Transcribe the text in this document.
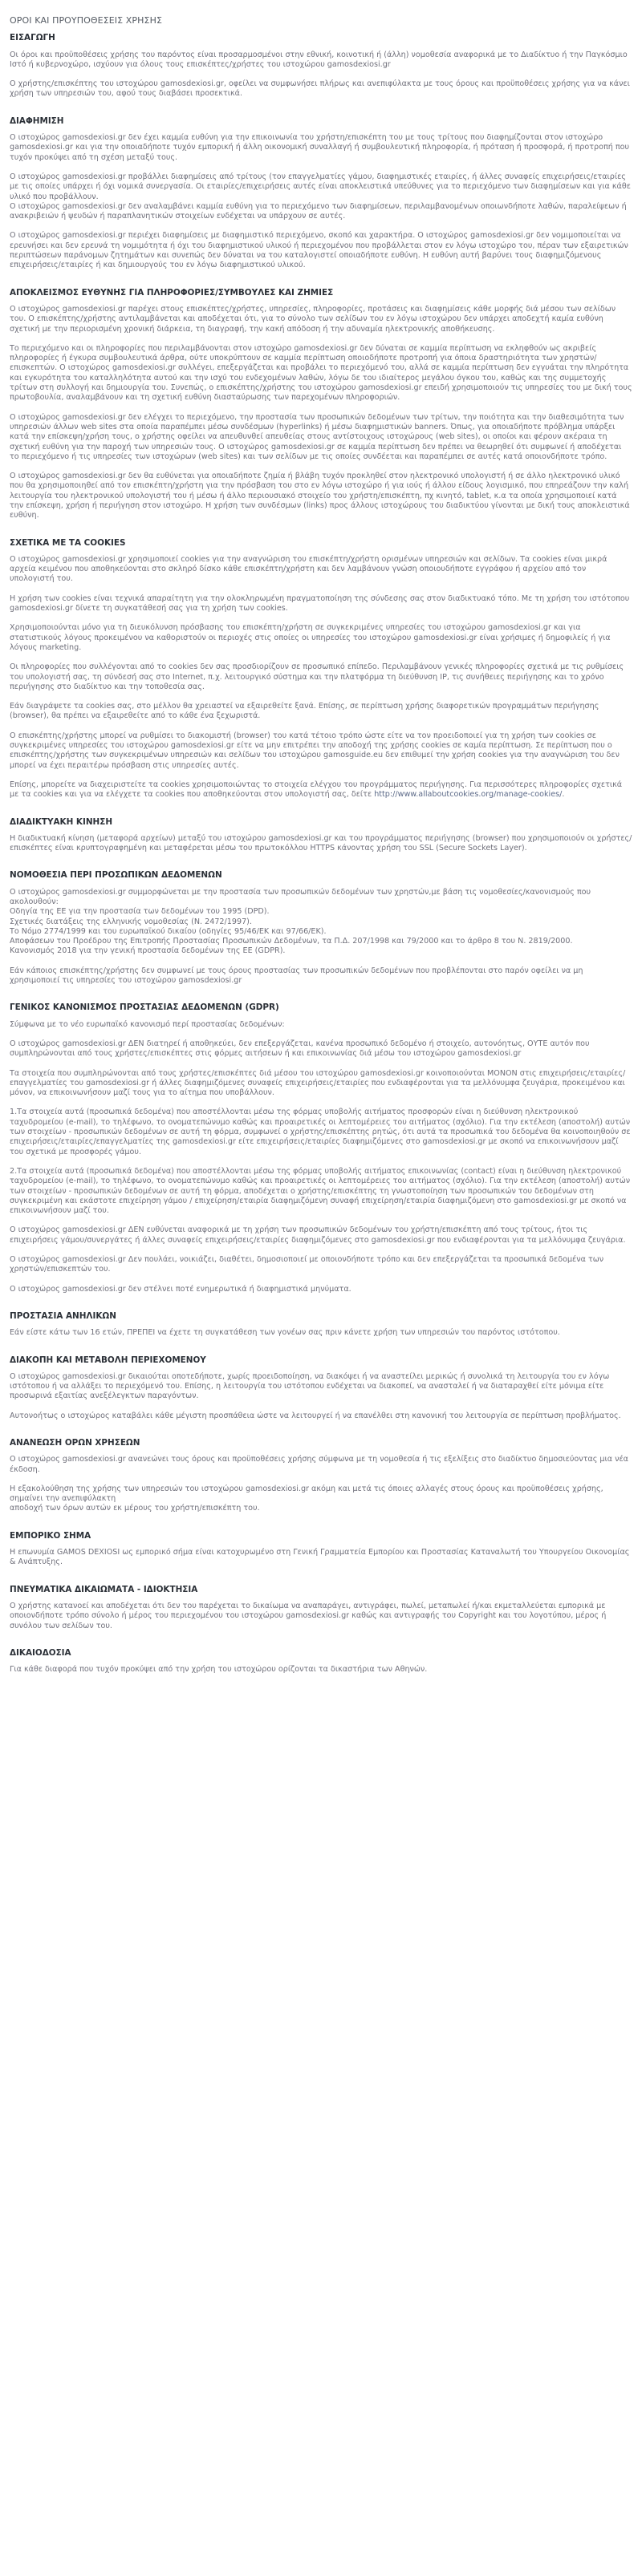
ΟΡΟΙ ΚΑΙ ΠΡΟΥΠΟΘΕΣΕΙΣ ΧΡΗΣΗΣ
ΕΙΣΑΓΩΓΗ

Οι όροι και προϋποθέσεις χρήσης του παρόντος είναι προσαρμοσμένοι στην εθνική, κοινοτική ή (άλλη) νομοθεσία αναφορικά με το Διαδίκτυο ή την Παγκόσμιο Ιστό ή κυβερνοχώρο, ισχύουν για όλους τους επισκέπτες/χρήστες του ιστοχώρου gamosdexiosi.gr

Ο χρήστης/επισκέπτης του ιστοχώρου gamosdexiosi.gr, οφείλει να συμφωνήσει πλήρως και ανεπιφύλακτα με τους όρους και προϋποθέσεις χρήσης για να κάνει χρήση των υπηρεσιών του, αφού τους διαβάσει προσεκτικά.

ΔΙΑΦΗΜΙΣΗ

Ο ιστοχώρος gamosdexiosi.gr δεν έχει καμμία ευθύνη για την επικοινωνία του χρήστη/επισκέπτη του με τους τρίτους που διαφημίζονται στον ιστοχώρο gamosdexiosi.gr και για την οποιαδήποτε τυχόν εμπορική ή άλλη οικονομική συναλλαγή ή συμβουλευτική πληροφορία, ή πρόταση ή προσφορά, ή προτροπή που τυχόν προκύψει από τη σχέση μεταξύ τους.

Ο ιστοχώρος gamosdexiosi.gr προβάλλει διαφημίσεις από τρίτους (τον επαγγελματίες γάμου, διαφημιστικές εταιρίες, ή άλλες συναφείς επιχειρήσεις/εταιρίες με τις οποίες υπάρχει ή όχι νομικά συνεργασία. Οι εταιρίες/επιχειρήσεις αυτές είναι αποκλειστικά υπεύθυνες για το περιεχόμενο των διαφημίσεων και για κάθε υλικό που προβάλλουν.
Ο ιστοχώρος gamosdexiosi.gr δεν αναλαμβάνει καμμία ευθύνη για το περιεχόμενο των διαφημίσεων, περιλαμβανομένων οποιωνδήποτε λαθών, παραλείψεων ή ανακριβειών ή ψευδών ή παραπλανητικών στοιχείων ενδέχεται να υπάρχουν σε αυτές.

Ο ιστοχώρος gamosdexiosi.gr περιέχει διαφημίσεις με διαφημιστικό περιεχόμενο, σκοπό και χαρακτήρα. Ο ιστοχώρος gamosdexiosi.gr δεν νομιμοποιείται να ερευνήσει και δεν ερευνά τη νομιμότητα ή όχι του διαφημιστικού υλικού ή περιεχομένου που προβάλλεται στον εν λόγω ιστοχώρο του, πέραν των εξαιρετικών περιπτώσεων παράνομων ζητημάτων και συνεπώς δεν δύναται να του καταλογιστεί οποιαδήποτε ευθύνη. Η ευθύνη αυτή βαρύνει τους διαφημιζόμενους επιχειρήσεις/εταιρίες ή και δημιουργούς του εν λόγω διαφημιστικού υλικού.

ΑΠΟΚΛΕΙΣΜΟΣ ΕΥΘΥΝΗΣ ΓΙΑ ΠΛΗΡΟΦΟΡΙΕΣ/ΣΥΜΒΟΥΛΕΣ ΚΑΙ ΖΗΜΙΕΣ

Ο ιστοχώρος gamosdexiosi.gr παρέχει στους επισκέπτες/χρήστες, υπηρεσίες, πληροφορίες, προτάσεις και διαφημίσεις κάθε μορφής διά μέσου των σελίδων του. Ο επισκέπτης/χρήστης αντιλαμβάνεται και αποδέχεται ότι, για το σύνολο των σελίδων του εν λόγω ιστοχώρου δεν υπάρχει αποδεχτή καμία ευθύνη σχετική με την περιορισμένη χρονική διάρκεια, τη διαγραφή, την κακή απόδοση ή την αδυναμία ηλεκτρονικής αποθήκευσης.

Το περιεχόμενο και οι πληροφορίες που περιλαμβάνονται στον ιστοχώρο gamosdexiosi.gr δεν δύναται σε καμμία περίπτωση να εκληφθούν ως ακριβείς πληροφορίες ή έγκυρα συμβουλευτικά άρθρα, ούτε υποκρύπτουν σε καμμία περίπτωση οποιοδήποτε προτροπή για όποια δραστηριότητα των χρηστών/επισκεπτών. Ο ιστοχώρος gamosdexiosi.gr συλλέγει, επεξεργάζεται και προβάλει το περιεχόμενό του, αλλά σε καμμία περίπτωση δεν εγγυάται την πληρότητα και εγκυρότητα του καταλληλότητα αυτού και την ισχύ του ενδεχομένων λαθών, λόγω δε του ιδιαίτερος μεγάλου όγκου του, καθώς και της συμμετοχής τρίτων στη συλλογή και δημιουργία του. Συνεπώς, ο επισκέπτης/χρήστης του ιστοχώρου gamosdexiosi.gr επειδή χρησιμοποιούν τις υπηρεσίες του με δική τους πρωτοβουλία, αναλαμβάνουν και τη σχετική ευθύνη διασταύρωσης των παρεχομένων πληροφοριών.

Ο ιστοχώρος gamosdexiosi.gr δεν ελέγχει το περιεχόμενο, την προστασία των προσωπικών δεδομένων των τρίτων, την ποιότητα και την διαθεσιμότητα των υπηρεσιών άλλων web sites στα οποία παραπέμπει μέσω συνδέσμων (hyperlinks) ή μέσω διαφημιστικών banners. Όπως, για οποιαδήποτε πρόβλημα υπάρξει κατά την επίσκεψη/χρήση τους, ο χρήστης οφείλει να απευθυνθεί απευθείας στους αντίστοιχους ιστοχώρους (web sites), οι οποίοι και φέρουν ακέραια τη σχετική ευθύνη για την παροχή των υπηρεσιών τους. Ο ιστοχώρος gamosdexiosi.gr σε καμμία περίπτωση δεν πρέπει να θεωρηθεί ότι συμφωνεί ή αποδέχεται το περιεχόμενο ή τις υπηρεσίες των ιστοχώρων (web sites) και των σελίδων με τις οποίες συνδέεται και παραπέμπει σε αυτές κατά οποιονδήποτε τρόπο.

Ο ιστοχώρος gamosdexiosi.gr δεν θα ευθύνεται για οποιαδήποτε ζημία ή βλάβη τυχόν προκληθεί στον ηλεκτρονικό υπολογιστή ή σε άλλο ηλεκτρονικό υλικό που θα χρησιμοποιηθεί από τον επισκέπτη/χρήστη για την πρόσβαση του στο εν λόγω ιστοχώρο ή για ιούς ή άλλου είδους λογισμικό, που επηρεάζουν την καλή λειτουργία του ηλεκτρονικού υπολογιστή του ή μέσω ή άλλο περιουσιακό στοιχείο του χρήστη/επισκέπτη, πχ κινητό, tablet, κ.α τα οποία χρησιμοποιεί κατά την επίσκεψη, χρήση ή περιήγηση στον ιστοχώρο. Η χρήση των συνδέσμων (links) προς άλλους ιστοχώρους του διαδικτύου γίνονται με δική τους αποκλειστικά ευθύνη.

ΣΧΕΤΙΚΑ ΜΕ ΤΑ COOKIES

Ο ιστοχώρος gamosdexiosi.gr χρησιμοποιεί cookies για την αναγνώριση του επισκέπτη/χρήστη ορισμένων υπηρεσιών και σελίδων. Τα cookies είναι μικρά αρχεία κειμένου που αποθηκεύονται στο σκληρό δίσκο κάθε επισκέπτη/χρήστη και δεν λαμβάνουν γνώση οποιουδήποτε εγγράφου ή αρχείου από τον υπολογιστή του.

Η χρήση των cookies είναι τεχνικά απαραίτητη για την ολοκληρωμένη πραγματοποίηση της σύνδεσης σας στον διαδικτυακό τόπο. Με τη χρήση του ιστότοπου gamosdexiosi.gr δίνετε τη συγκατάθεσή σας για τη χρήση των cookies.

Χρησιμοποιούνται μόνο για τη διευκόλυνση πρόσβασης του επισκέπτη/χρήστη σε συγκεκριμένες υπηρεσίες του ιστοχώρου gamosdexiosi.gr και για στατιστικούς λόγους προκειμένου να καθοριστούν οι περιοχές στις οποίες οι υπηρεσίες του ιστοχώρου gamosdexiosi.gr είναι χρήσιμες ή δημοφιλείς ή για λόγους marketing.

Οι πληροφορίες που συλλέγονται από το cookies δεν σας προσδιορίζουν σε προσωπικό επίπεδο. Περιλαμβάνουν γενικές πληροφορίες σχετικά με τις ρυθμίσεις του υπολογιστή σας, τη σύνδεσή σας στο Internet, π.χ. λειτουργικό σύστημα και την πλατφόρμα τη διεύθυνση IP, τις συνήθειες περιήγησης και το χρόνο περιήγησης στο διαδίκτυο και την τοποθεσία σας.

Εάν διαγράψετε τα cookies σας, στο μέλλον θα χρειαστεί να εξαιρεθείτε ξανά. Επίσης, σε περίπτωση χρήσης διαφορετικών προγραμμάτων περιήγησης (browser), θα πρέπει να εξαιρεθείτε από το κάθε ένα ξεχωριστά.

Ο επισκέπτης/χρήστης μπορεί να ρυθμίσει το διακομιστή (browser) του κατά τέτοιο τρόπο ώστε είτε να τον προειδοποιεί για τη χρήση των cookies σε συγκεκριμένες υπηρεσίες του ιστοχώρου gamosdexiosi.gr είτε να μην επιτρέπει την αποδοχή της χρήσης cookies σε καμία περίπτωση. Σε περίπτωση που ο επισκέπτης/χρήστης των συγκεκριμένων υπηρεσιών και σελίδων του ιστοχώρου gamosguide.eu δεν επιθυμεί την χρήση cookies για την αναγνώριση του δεν μπορεί να έχει περαιτέρω πρόσβαση στις υπηρεσίες αυτές.

Επίσης, μπορείτε να διαχειριστείτε τα cookies χρησιμοποιώντας το στοιχεία ελέγχου του προγράμματος περιήγησης. Για περισσότερες πληροφορίες σχετικά με τα cookies και για να ελέγχετε τα cookies που αποθηκεύονται στον υπολογιστή σας, δείτε http://www.allaboutcookies.org/manage-cookies/.

ΔΙΑΔΙΚΤΥΑΚΗ ΚΙΝΗΣΗ

Η διαδικτυακή κίνηση (μεταφορά αρχείων) μεταξύ του ιστοχώρου gamosdexiosi.gr και του προγράμματος περιήγησης (browser) που χρησιμοποιούν οι χρήστες/επισκέπτες είναι κρυπτογραφημένη και μεταφέρεται μέσω του πρωτοκόλλου HTTPS κάνοντας χρήση του SSL (Secure Sockets Layer).

ΝΟΜΟΘΕΣΙΑ ΠΕΡΙ ΠΡΟΣΩΠΙΚΩΝ ΔΕΔΟΜΕΝΩΝ

Ο ιστοχώρος gamosdexiosi.gr συμμορφώνεται με την προστασία των προσωπικών δεδομένων των χρηστών,με βάση τις νομοθεσίες/κανονισμούς που ακολουθούν:
Οδηγία της ΕΕ για την προστασία των δεδομένων του 1995 (DPD).
Σχετικές διατάξεις της ελληνικής νομοθεσίας (Ν. 2472/1997).
Το Νόμο 2774/1999 και του ευρωπαϊκού δικαίου (οδηγίες 95/46/ΕΚ και 97/66/ΕΚ).
Αποφάσεων του Προέδρου της Επιτροπής Προστασίας Προσωπικών Δεδομένων, τα Π.Δ. 207/1998 και 79/2000 και το άρθρο 8 του Ν. 2819/2000.
Κανονισμός 2018 για την γενική προστασία δεδομένων της ΕΕ (GDPR).

Εάν κάποιος επισκέπτης/χρήστης δεν συμφωνεί με τους όρους προστασίας των προσωπικών δεδομένων που προβλέπονται στο παρόν οφείλει να μη χρησιμοποιεί τις υπηρεσίες του ιστοχώρου gamosdexiosi.gr

ΓΕΝΙΚΟΣ ΚΑΝΟΝΙΣΜΟΣ ΠΡΟΣΤΑΣΙΑΣ ΔΕΔΟΜΕΝΩΝ (GDPR)

Σύμφωνα με το νέο ευρωπαϊκό κανονισμό περί προστασίας δεδομένων:

Ο ιστοχώρος gamosdexiosi.gr ΔΕΝ διατηρεί ή αποθηκεύει, δεν επεξεργάζεται, κανένα προσωπικό δεδομένο ή στοιχείο, αυτονόητως, ΟΥΤΕ αυτόν που συμπληρώνονται από τους χρήστες/επισκέπτες στις φόρμες αιτήσεων ή και επικοινωνίας διά μέσω του ιστοχώρου gamosdexiosi.gr

Τα στοιχεία που συμπληρώνονται από τους χρήστες/επισκέπτες διά μέσου του ιστοχώρου gamosdexiosi.gr κοινοποιούνται ΜΟΝΟΝ στις επιχειρήσεις/εταιρίες/επαγγελματίες του gamosdexiosi.gr ή άλλες διαφημιζόμενες συναφείς επιχειρήσεις/εταιρίες που ενδιαφέρονται για τα μελλόνυμφα ζευγάρια, προκειμένου και μόνον, να επικοινωνήσουν μαζί τους για το αίτημα που υποβάλλουν.

1.Τα στοιχεία αυτά (προσωπικά δεδομένα) που αποστέλλονται μέσω της φόρμας υποβολής αιτήματος προσφορών είναι η διεύθυνση ηλεκτρονικού ταχυδρομείου (e-mail), το τηλέφωνο, το ονοματεπώνυμο καθώς και προαιρετικές οι λεπτομέρειες του αιτήματος (σχόλιο). Για την εκτέλεση (αποστολή) αυτών των στοιχείων - προσωπικών δεδομένων σε αυτή τη φόρμα, συμφωνεί ο χρήστης/επισκέπτης ρητώς, ότι αυτά τα προσωπικά του δεδομένα θα κοινοποιηθούν σε επιχειρήσεις/εταιρίες/επαγγελματίες της gamosdexiosi.gr είτε επιχειρήσεις/εταιρίες διαφημιζόμενες στο gamosdexiosi.gr με σκοπό να επικοινωνήσουν μαζί του σχετικά με προσφορές γάμου.

2.Τα στοιχεία αυτά (προσωπικά δεδομένα) που αποστέλλονται μέσω της φόρμας υποβολής αιτήματος επικοινωνίας (contact) είναι η διεύθυνση ηλεκτρονικού ταχυδρομείου (e-mail), το τηλέφωνο, το ονοματεπώνυμο καθώς και προαιρετικές οι λεπτομέρειες του αιτήματος (σχόλιο). Για την εκτέλεση (αποστολή) αυτών των στοιχείων - προσωπικών δεδομένων σε αυτή τη φόρμα, αποδέχεται ο χρήστης/επισκέπτης τη γνωστοποίηση των προσωπικών του δεδομένων στη συγκεκριμένη και εκάστοτε επιχείρηση γάμου / επιχείρηση/εταιρία διαφημιζόμενη συναφή επιχείρηση/εταιρία διαφημιζόμενη στο gamosdexiosi.gr με σκοπό να επικοινωνήσουν μαζί του.

Ο ιστοχώρος gamosdexiosi.gr ΔΕΝ ευθύνεται αναφορικά με τη χρήση των προσωπικών δεδομένων του χρήστη/επισκέπτη από τους τρίτους, ήτοι τις επιχειρήσεις γάμου/συνεργάτες ή άλλες συναφείς επιχειρήσεις/εταιρίες διαφημιζόμενες στο gamosdexiosi.gr που ενδιαφέρονται για τα μελλόνυμφα ζευγάρια.

Ο ιστοχώρος gamosdexiosi.gr Δεν πουλάει, νοικιάζει, διαθέτει, δημοσιοποιεί με οποιονδήποτε τρόπο και δεν επεξεργάζεται τα προσωπικά δεδομένα των χρηστών/επισκεπτών του.

Ο ιστοχώρος gamosdexiosi.gr δεν στέλνει ποτέ ενημερωτικά ή διαφημιστικά μηνύματα.

ΠΡΟΣΤΑΣΙΑ ΑΝΗΛΙΚΩΝ

Εάν είστε κάτω των 16 ετών, ΠΡΕΠΕΙ να έχετε τη συγκατάθεση των γονέων σας πριν κάνετε χρήση των υπηρεσιών του παρόντος ιστότοπου.

ΔΙΑΚΟΠΗ ΚΑΙ ΜΕΤΑΒΟΛΗ ΠΕΡΙΕΧΟΜΕΝΟΥ

Ο ιστοχώρος gamosdexiosi.gr δικαιούται οποτεδήποτε, χωρίς προειδοποίηση, να διακόψει ή να αναστείλει μερικώς ή συνολικά τη λειτουργία του εν λόγω ιστότοπου ή να αλλάξει το περιεχόμενό του. Επίσης, η λειτουργία του ιστότοπου ενδέχεται να διακοπεί, να ανασταλεί ή να διαταραχθεί είτε μόνιμα είτε προσωρινά εξαιτίας ανεξέλεγκτων παραγόντων.

Αυτονοήτως ο ιστοχώρος καταβάλει κάθε μέγιστη προσπάθεια ώστε να λειτουργεί ή να επανέλθει στη κανονική του λειτουργία σε περίπτωση προβλήματος.

ΑΝΑΝΕΩΣΗ ΟΡΩΝ ΧΡΗΣΕΩΝ

Ο ιστοχώρος gamosdexiosi.gr ανανεώνει τους όρους και προϋποθέσεις χρήσης σύμφωνα με τη νομοθεσία ή τις εξελίξεις στο διαδίκτυο δημοσιεύοντας μια νέα έκδοση.

Η εξακολούθηση της χρήσης των υπηρεσιών του ιστοχώρου gamosdexiosi.gr ακόμη και μετά τις όποιες αλλαγές στους όρους και προϋποθέσεις χρήσης, σημαίνει την ανεπιφύλακτη
αποδοχή των όρων αυτών εκ μέρους του χρήστη/επισκέπτη του.

ΕΜΠΟΡΙΚΟ ΣΗΜΑ

Η επωνυμία GAMOS DEXIOSI ως εμπορικό σήμα είναι κατοχυρωμένο στη Γενική Γραμματεία Εμπορίου και Προστασίας Καταναλωτή του Υπουργείου Οικονομίας & Ανάπτυξης.

ΠΝΕΥΜΑΤΙΚΑ ΔΙΚΑΙΩΜΑΤΑ - ΙΔΙΟΚΤΗΣΙΑ

Ο χρήστης κατανοεί και αποδέχεται ότι δεν του παρέχεται το δικαίωμα να αναπαράγει, αντιγράφει, πωλεί, μεταπωλεί ή/και εκμεταλλεύεται εμπορικά με οποιονδήποτε τρόπο σύνολο ή μέρος του περιεχομένου του ιστοχώρου gamosdexiosi.gr καθώς και αντιγραφής του Copyright και του λογοτύπου, μέρος ή συνόλου των σελίδων του.

ΔΙΚΑΙΟΔΟΣΙΑ

Για κάθε διαφορά που τυχόν προκύψει από την χρήση του ιστοχώρου ορίζονται τα δικαστήρια των Αθηνών.
